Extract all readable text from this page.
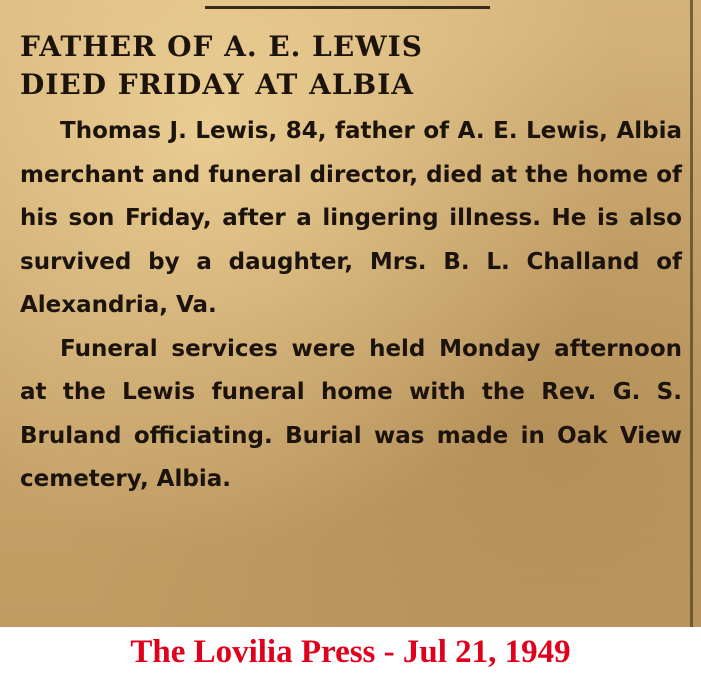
FATHER OF A. E. LEWIS
DIED FRIDAY AT ALBIA

Thomas J. Lewis, 84, father of A. E. Lewis, Albia merchant and funeral director, died at the home of his son Friday, after a lingering illness. He is also survived by a daughter, Mrs. B. L. Challand of Alexandria, Va.

Funeral services were held Monday afternoon at the Lewis funeral home with the Rev. G. S. Bruland officiating. Burial was made in Oak View cemetery, Albia.

The Lovilia Press - Jul 21, 1949
